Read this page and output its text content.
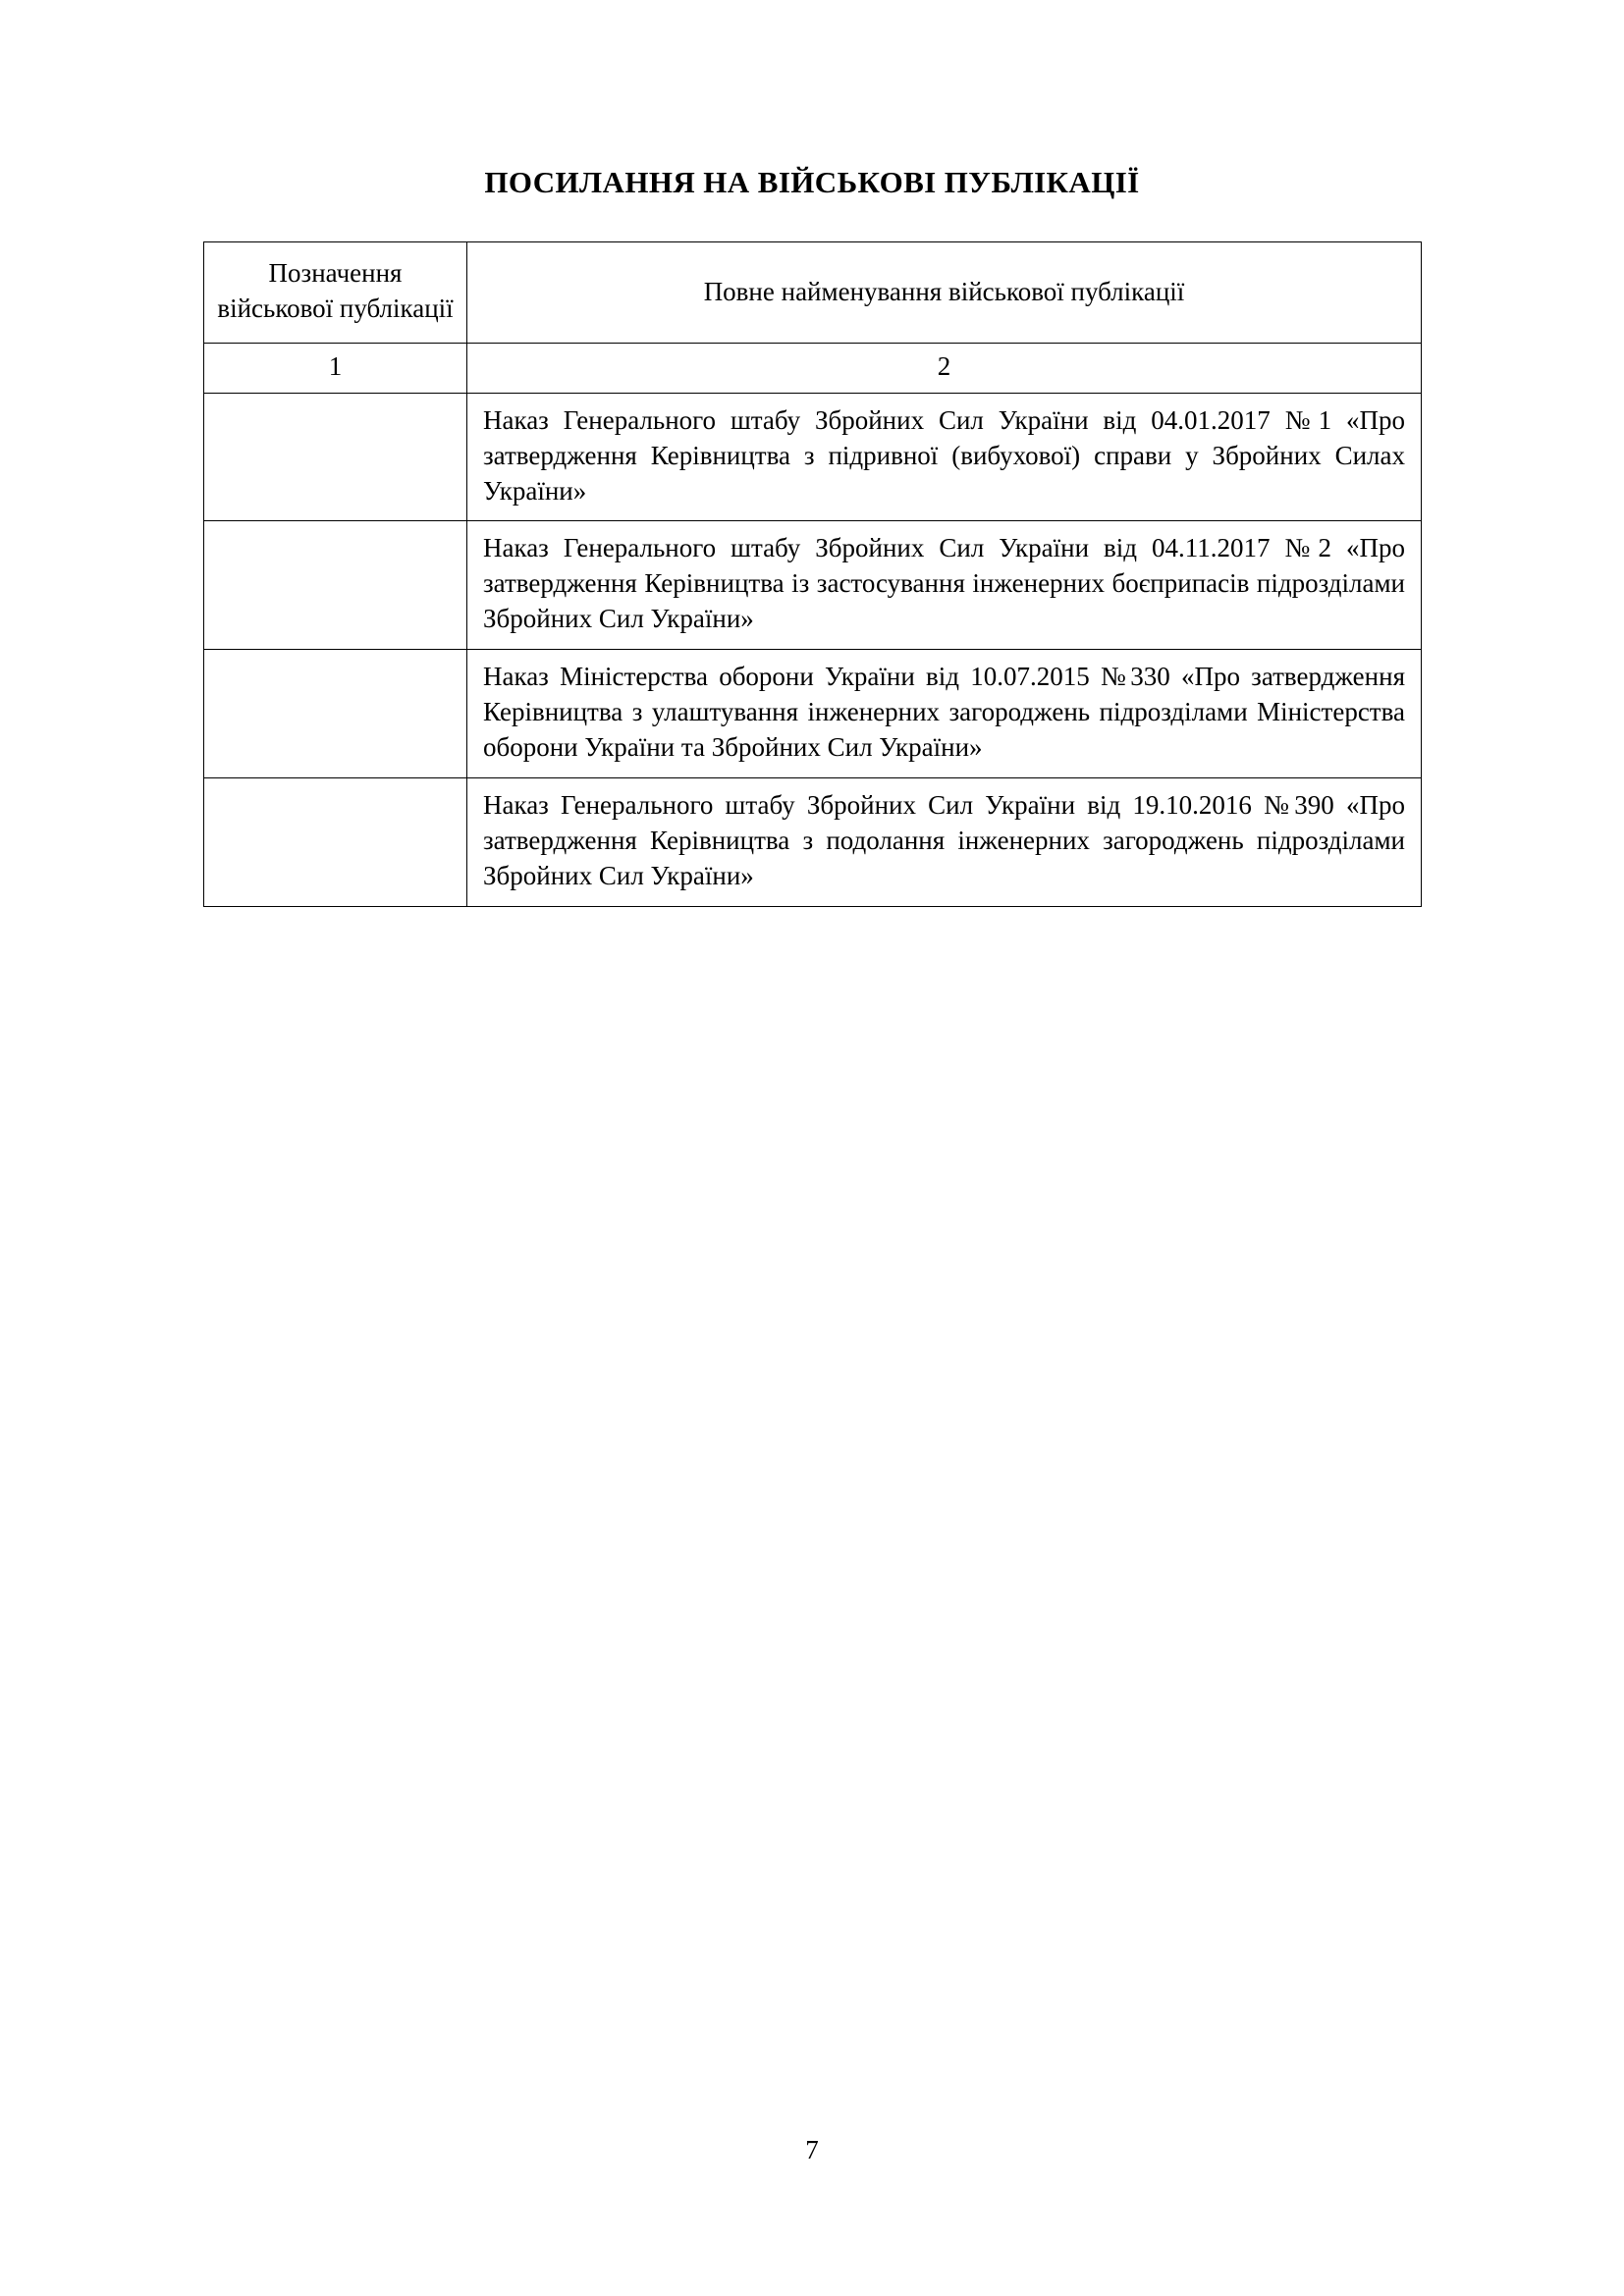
ПОСИЛАННЯ НА ВІЙСЬКОВІ ПУБЛІКАЦІЇ
Позначення військової публікації	Повне найменування військової публікації
1	2
	Наказ Генерального штабу Збройних Сил України від 04.01.2017 №1 «Про затвердження Керівництва з підривної (вибухової) справи у Збройних Силах України»
	Наказ Генерального штабу Збройних Сил України від 04.11.2017 №2 «Про затвердження Керівництва із застосування інженерних боєприпасів підрозділами Збройних Сил України»
	Наказ Міністерства оборони України від 10.07.2015 №330 «Про затвердження Керівництва з улаштування інженерних загороджень підрозділами Міністерства оборони України та Збройних Сил України»
	Наказ Генерального штабу Збройних Сил України від 19.10.2016 №390 «Про затвердження Керівництва з подолання інженерних загороджень підрозділами Збройних Сил України»
7
